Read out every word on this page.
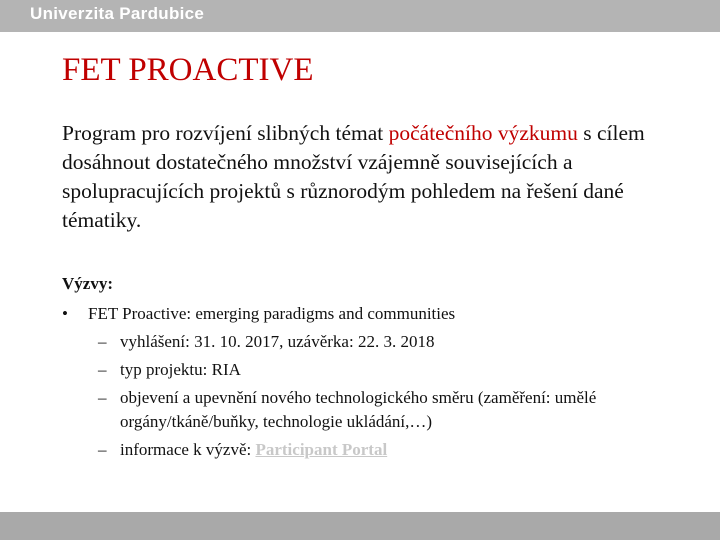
Univerzita Pardubice
FET PROACTIVE
Program pro rozvíjení slibných témat počátečního výzkumu s cílem dosáhnout dostatečného množství vzájemně souvisejících a spolupracujících projektů s různorodým pohledem na řešení dané tématiky.
Výzvy:
• FET Proactive: emerging paradigms and communities
– vyhlášení: 31. 10. 2017, uzávěrka: 22. 3. 2018
– typ projektu: RIA
– objevení a upevnění nového technologického směru (zaměření: umělé orgány/tkáně/buňky, technologie ukládání,…)
– informace k výzvě: Participant Portal
